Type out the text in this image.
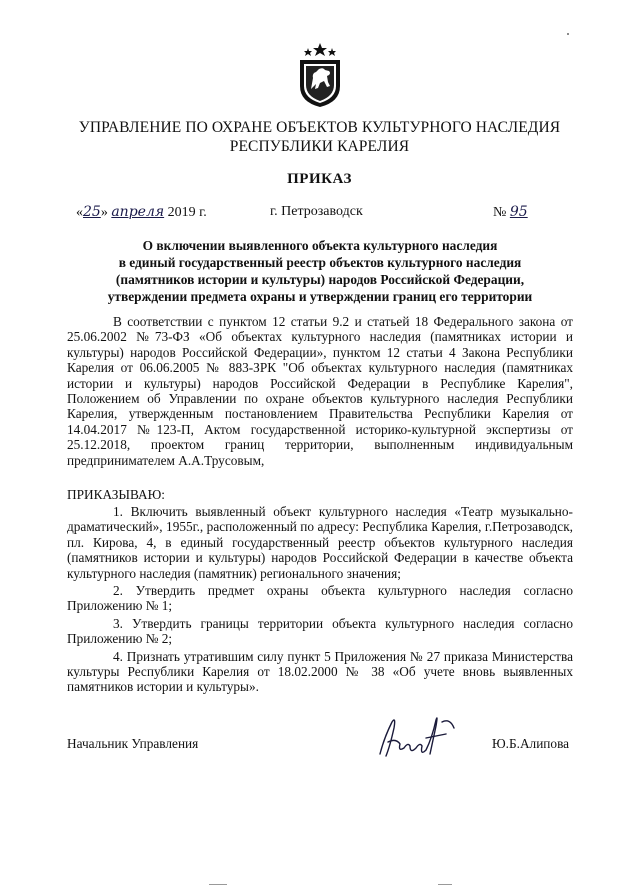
УПРАВЛЕНИЕ ПО ОХРАНЕ ОБЪЕКТОВ КУЛЬТУРНОГО НАСЛЕДИЯ
РЕСПУБЛИКИ КАРЕЛИЯ
ПРИКАЗ
«25» апреля 2019 г.	г. Петрозаводск	№ 95
О включении выявленного объекта культурного наследия
в единый государственный реестр объектов культурного наследия
(памятников истории и культуры) народов Российской Федерации,
утверждении предмета охраны и утверждении границ его территории
В соответствии с пунктом 12 статьи 9.2 и статьей 18 Федерального закона от 25.06.2002 №73-ФЗ «Об объектах культурного наследия (памятниках истории и культуры) народов Российской Федерации», пунктом 12 статьи 4 Закона Республики Карелия от 06.06.2005 № 883-ЗРК "Об объектах культурного наследия (памятниках истории и культуры) народов Российской Федерации в Республике Карелия", Положением об Управлении по охране объектов культурного наследия Республики Карелия, утвержденным постановлением Правительства Республики Карелия от 14.04.2017 №123-П, Актом государственной историко-культурной экспертизы от 25.12.2018, проектом границ территории, выполненным индивидуальным предпринимателем А.А.Трусовым,
ПРИКАЗЫВАЮ:

1. Включить выявленный объект культурного наследия «Театр музыкально-драматический», 1955г., расположенный по адресу: Республика Карелия, г.Петрозаводск, пл. Кирова, 4, в единый государственный реестр объектов культурного наследия (памятников истории и культуры) народов Российской Федерации в качестве объекта культурного наследия (памятник) регионального значения;

2. Утвердить предмет охраны объекта культурного наследия согласно Приложению № 1;

3. Утвердить границы территории объекта культурного наследия согласно Приложению № 2;

4. Признать утратившим силу пункт 5 Приложения № 27 приказа Министерства культуры Республики Карелия от 18.02.2000 № 38 «Об учете вновь выявленных памятников истории и культуры».

Начальник Управления	Ю.Б.Алипова
